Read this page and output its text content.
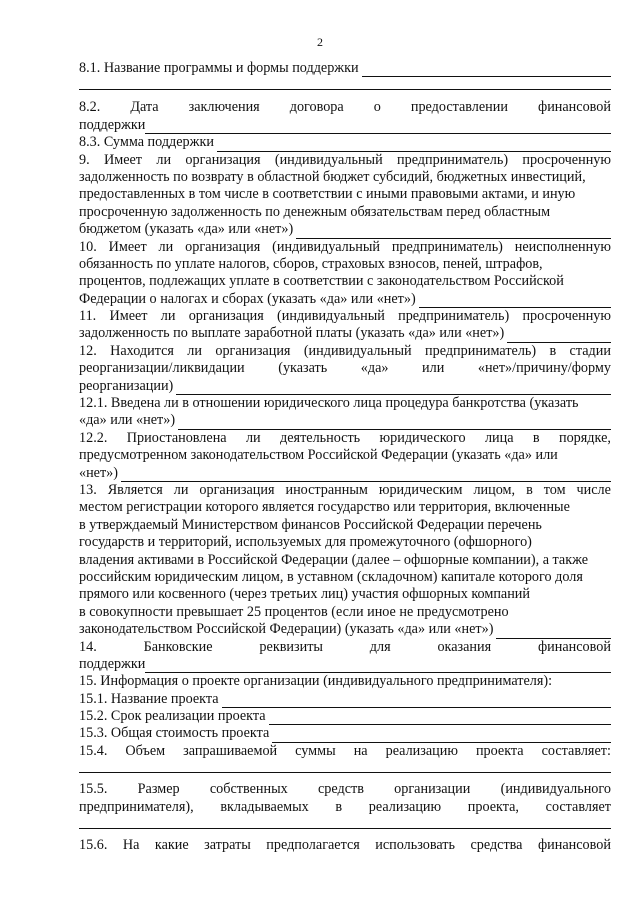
2
8.1. Название программы и формы поддержки
8.2. Дата заключения договора о предоставлении финансовой
поддержки
8.3. Сумма поддержки
9. Имеет ли организация (индивидуальный предприниматель) просроченную
задолженность по возврату в областной бюджет субсидий, бюджетных инвестиций,
предоставленных в том числе в соответствии с иными правовыми актами, и иную
просроченную задолженность по денежным обязательствам перед областным
бюджетом (указать «да» или «нет»)
10. Имеет ли организация (индивидуальный предприниматель) неисполненную
обязанность по уплате налогов, сборов, страховых взносов, пеней, штрафов,
процентов, подлежащих уплате в соответствии с законодательством Российской
Федерации о налогах и сборах (указать «да» или «нет»)
11. Имеет ли организация (индивидуальный предприниматель) просроченную
задолженность по выплате заработной платы (указать «да» или «нет»)
12. Находится ли организация (индивидуальный предприниматель) в стадии
реорганизации/ликвидации (указать «да» или «нет»/причину/форму
реорганизации)
12.1. Введена ли в отношении юридического лица процедура банкротства (указать
«да» или «нет»)
12.2. Приостановлена ли деятельность юридического лица в порядке,
предусмотренном законодательством Российской Федерации (указать «да» или
«нет»)
13. Является ли организация иностранным юридическим лицом, в том числе
местом регистрации которого является государство или территория, включенные
в утверждаемый Министерством финансов Российской Федерации перечень
государств и территорий, используемых для промежуточного (офшорного)
владения активами в Российской Федерации (далее – офшорные компании), а также
российским юридическим лицом, в уставном (складочном) капитале которого доля
прямого или косвенного (через третьих лиц) участия офшорных компаний
в совокупности превышает 25 процентов (если иное не предусмотрено
законодательством Российской Федерации) (указать «да» или «нет»)
14.	Банковские	реквизиты	для	оказания	финансовой
поддержки
15. Информация о проекте организации (индивидуального предпринимателя):
15.1. Название проекта
15.2. Срок реализации проекта
15.3. Общая стоимость проекта
15.4. Объем запрашиваемой суммы на реализацию проекта составляет:
15.5. Размер собственных средств организации (индивидуального
предпринимателя), вкладываемых в реализацию проекта, составляет
15.6. На какие затраты предполагается использовать средства финансовой
